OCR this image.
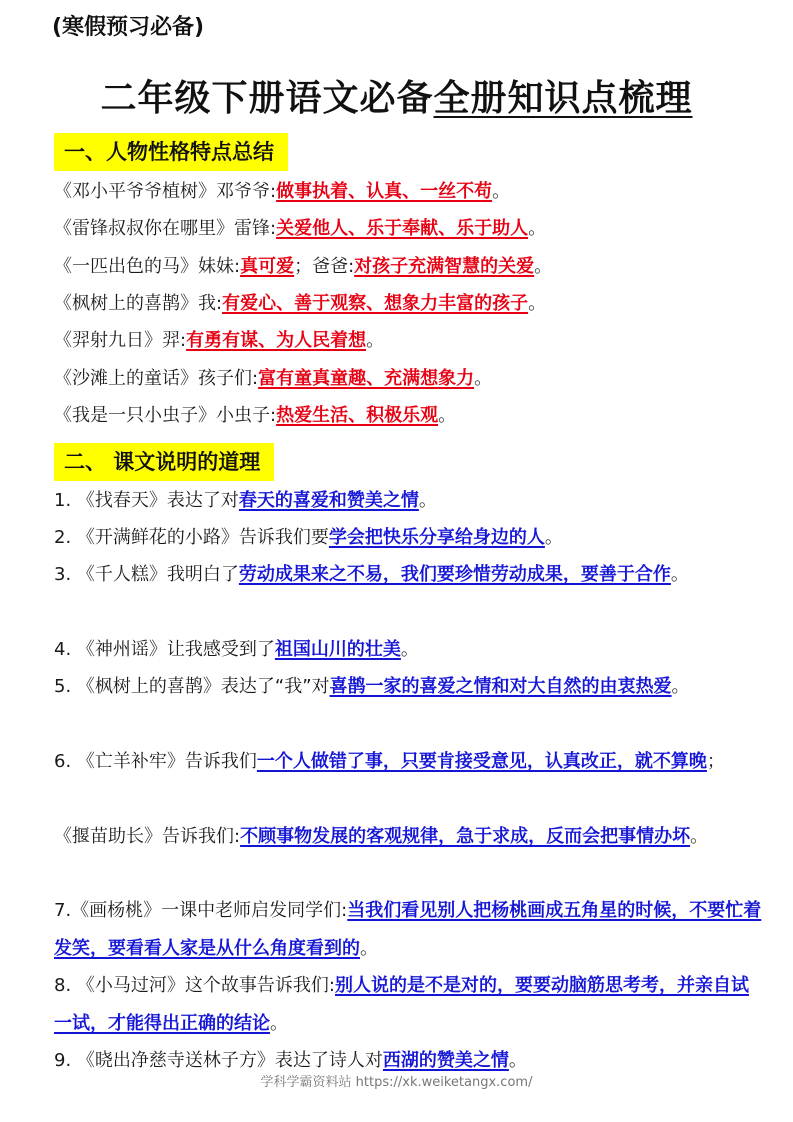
(寒假预习必备)
二年级下册语文必备全册知识点梳理
一、人物性格特点总结
《邓小平爷爷植树》邓爷爷:做事执着、认真、一丝不苟。
《雷锋叔叔你在哪里》雷锋:关爱他人、乐于奉献、乐于助人。
《一匹出色的马》妹妹:真可爱；爸爸:对孩子充满智慧的关爱。
《枫树上的喜鹊》我:有爱心、善于观察、想象力丰富的孩子。
《羿射九日》羿:有勇有谋、为人民着想。
《沙滩上的童话》孩子们:富有童真童趣、充满想象力。
《我是一只小虫子》小虫子:热爱生活、积极乐观。
二、 课文说明的道理
1. 《找春天》表达了对春天的喜爱和赞美之情。
2. 《开满鲜花的小路》告诉我们要学会把快乐分享给身边的人。
3. 《千人糕》我明白了劳动成果来之不易，我们要珍惜劳动成果，要善于合作。
4. 《神州谣》让我感受到了祖国山川的壮美。
5. 《枫树上的喜鹊》表达了“我”对喜鹊一家的喜爱之情和对大自然的由衷热爱。
6. 《亡羊补牢》告诉我们一个人做错了事，只要肯接受意见，认真改正，就不算晚；
《揠苗助长》告诉我们:不顾事物发展的客观规律，急于求成，反而会把事情办坏。
7.《画杨桃》一课中老师启发同学们:当我们看见别人把杨桃画成五角星的时候，不要忙着发笑，要看看人家是从什么角度看到的。
8. 《小马过河》这个故事告诉我们:别人说的是不是对的，要要动脑筋思考考，并亲自试一试，才能得出正确的结论。
9. 《晓出净慈寺送林子方》表达了诗人对西湖的赞美之情。
学科学霸资料站 https://xk.weiketangx.com/
